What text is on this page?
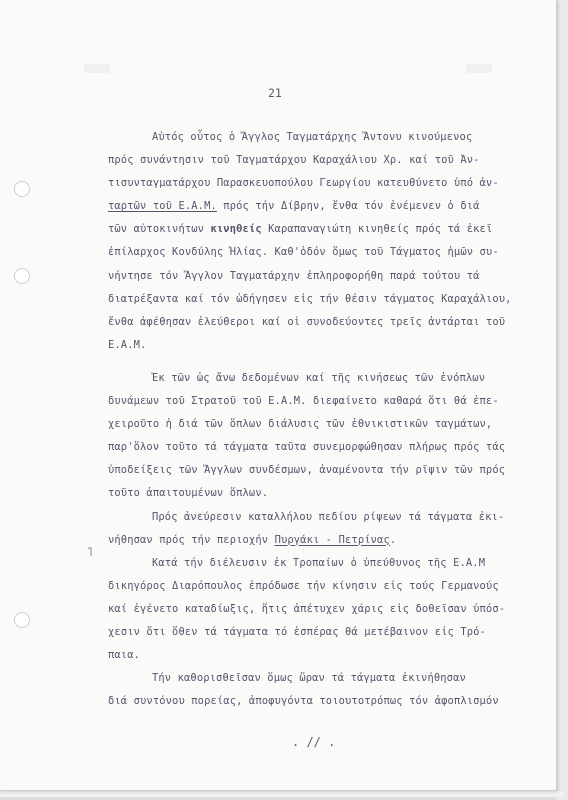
21
˥
Αὐτός οὗτος ὁ Ἄγγλος Ταγματάρχης Ἄντονυ κινούμενος
πρός συνάντησιν τοῦ Ταγματάρχου Καραχάλιου Χρ. καί τοῦ Ἀν-
τισυνταγματάρχου Παρασκευοπούλου Γεωργίου κατευθύνετο ὑπό ἀν-
ταρτῶν τοῦ Ε.Α.Μ. πρός τήν Δίβρην, ἔνθα τόν ἐνέμενεν ὁ διά
τῶν αὐτοκινήτων κινηθείς Καραπαναγιώτη κινηθείς πρός τά ἐκεῖ
ἐπίλαρχος Κονδύλης Ἠλίας. Καθ'ὁδόν ὅμως τοῦ Τάγματος ἡμῶν συ-
νήντησε τόν Ἄγγλον Ταγματάρχην ἐπληροφορήθη παρά τούτου τά
διατρέξαντα καί τόν ὡδήγησεν εἰς τήν θέσιν τάγματος Καραχάλιου,
ἔνθα ἀφέθησαν ἐλεύθεροι καί οἱ συνοδεύοντες τρεῖς ἀντάρται τοῦ
Ε.Α.Μ.
Ἐκ τῶν ὡς ἄνω δεδομένων καί τῆς κινήσεως τῶν ἐνόπλων
δυνάμεων τοῦ Στρατοῦ τοῦ Ε.Α.Μ. διεφαίνετο καθαρά ὅτι θά ἐπε-
χειροῦτο ἡ διά τῶν ὅπλων διάλυσις τῶν ἐθνικιστικῶν ταγμάτων,
παρ'ὅλον τοῦτο τά τάγματα ταῦτα συνεμορφώθησαν πλήρως πρός τάς
ὑποδείξεις τῶν Ἄγγλων συνδέσμων, ἀναμένοντα τήν ρῖψιν τῶν πρός
τοῦτο ἀπαιτουμένων ὅπλων.
Πρός ἀνεύρεσιν καταλλήλου πεδίου ρίψεων τά τάγματα ἐκι-
νήθησαν πρός τήν περιοχήν Πυργάκι - Πετρίνας.
Κατά τήν διέλευσιν ἐκ Τροπαίων ὁ ὑπεύθυνος τῆς Ε.Α.Μ
δικηγόρος Διαρόπουλος ἐπρόδωσε τήν κίνησιν εἰς τούς Γερμανούς
καί ἐγένετο καταδίωξις, ἥτις ἀπέτυχεν χάρις εἰς δοθεῖσαν ὑπόσ-
χεσιν ὅτι ὅθεν τά τάγματα τό ἑσπέρας θά μετέβαινον εἰς Τρό-
παια.
Τήν καθορισθεῖσαν ὅμως ὥραν τά τάγματα ἐκινήθησαν
διά συντόνου πορείας, ἀποφυγόντα τοιουτοτρόπως τόν ἀφοπλισμόν
. // .
